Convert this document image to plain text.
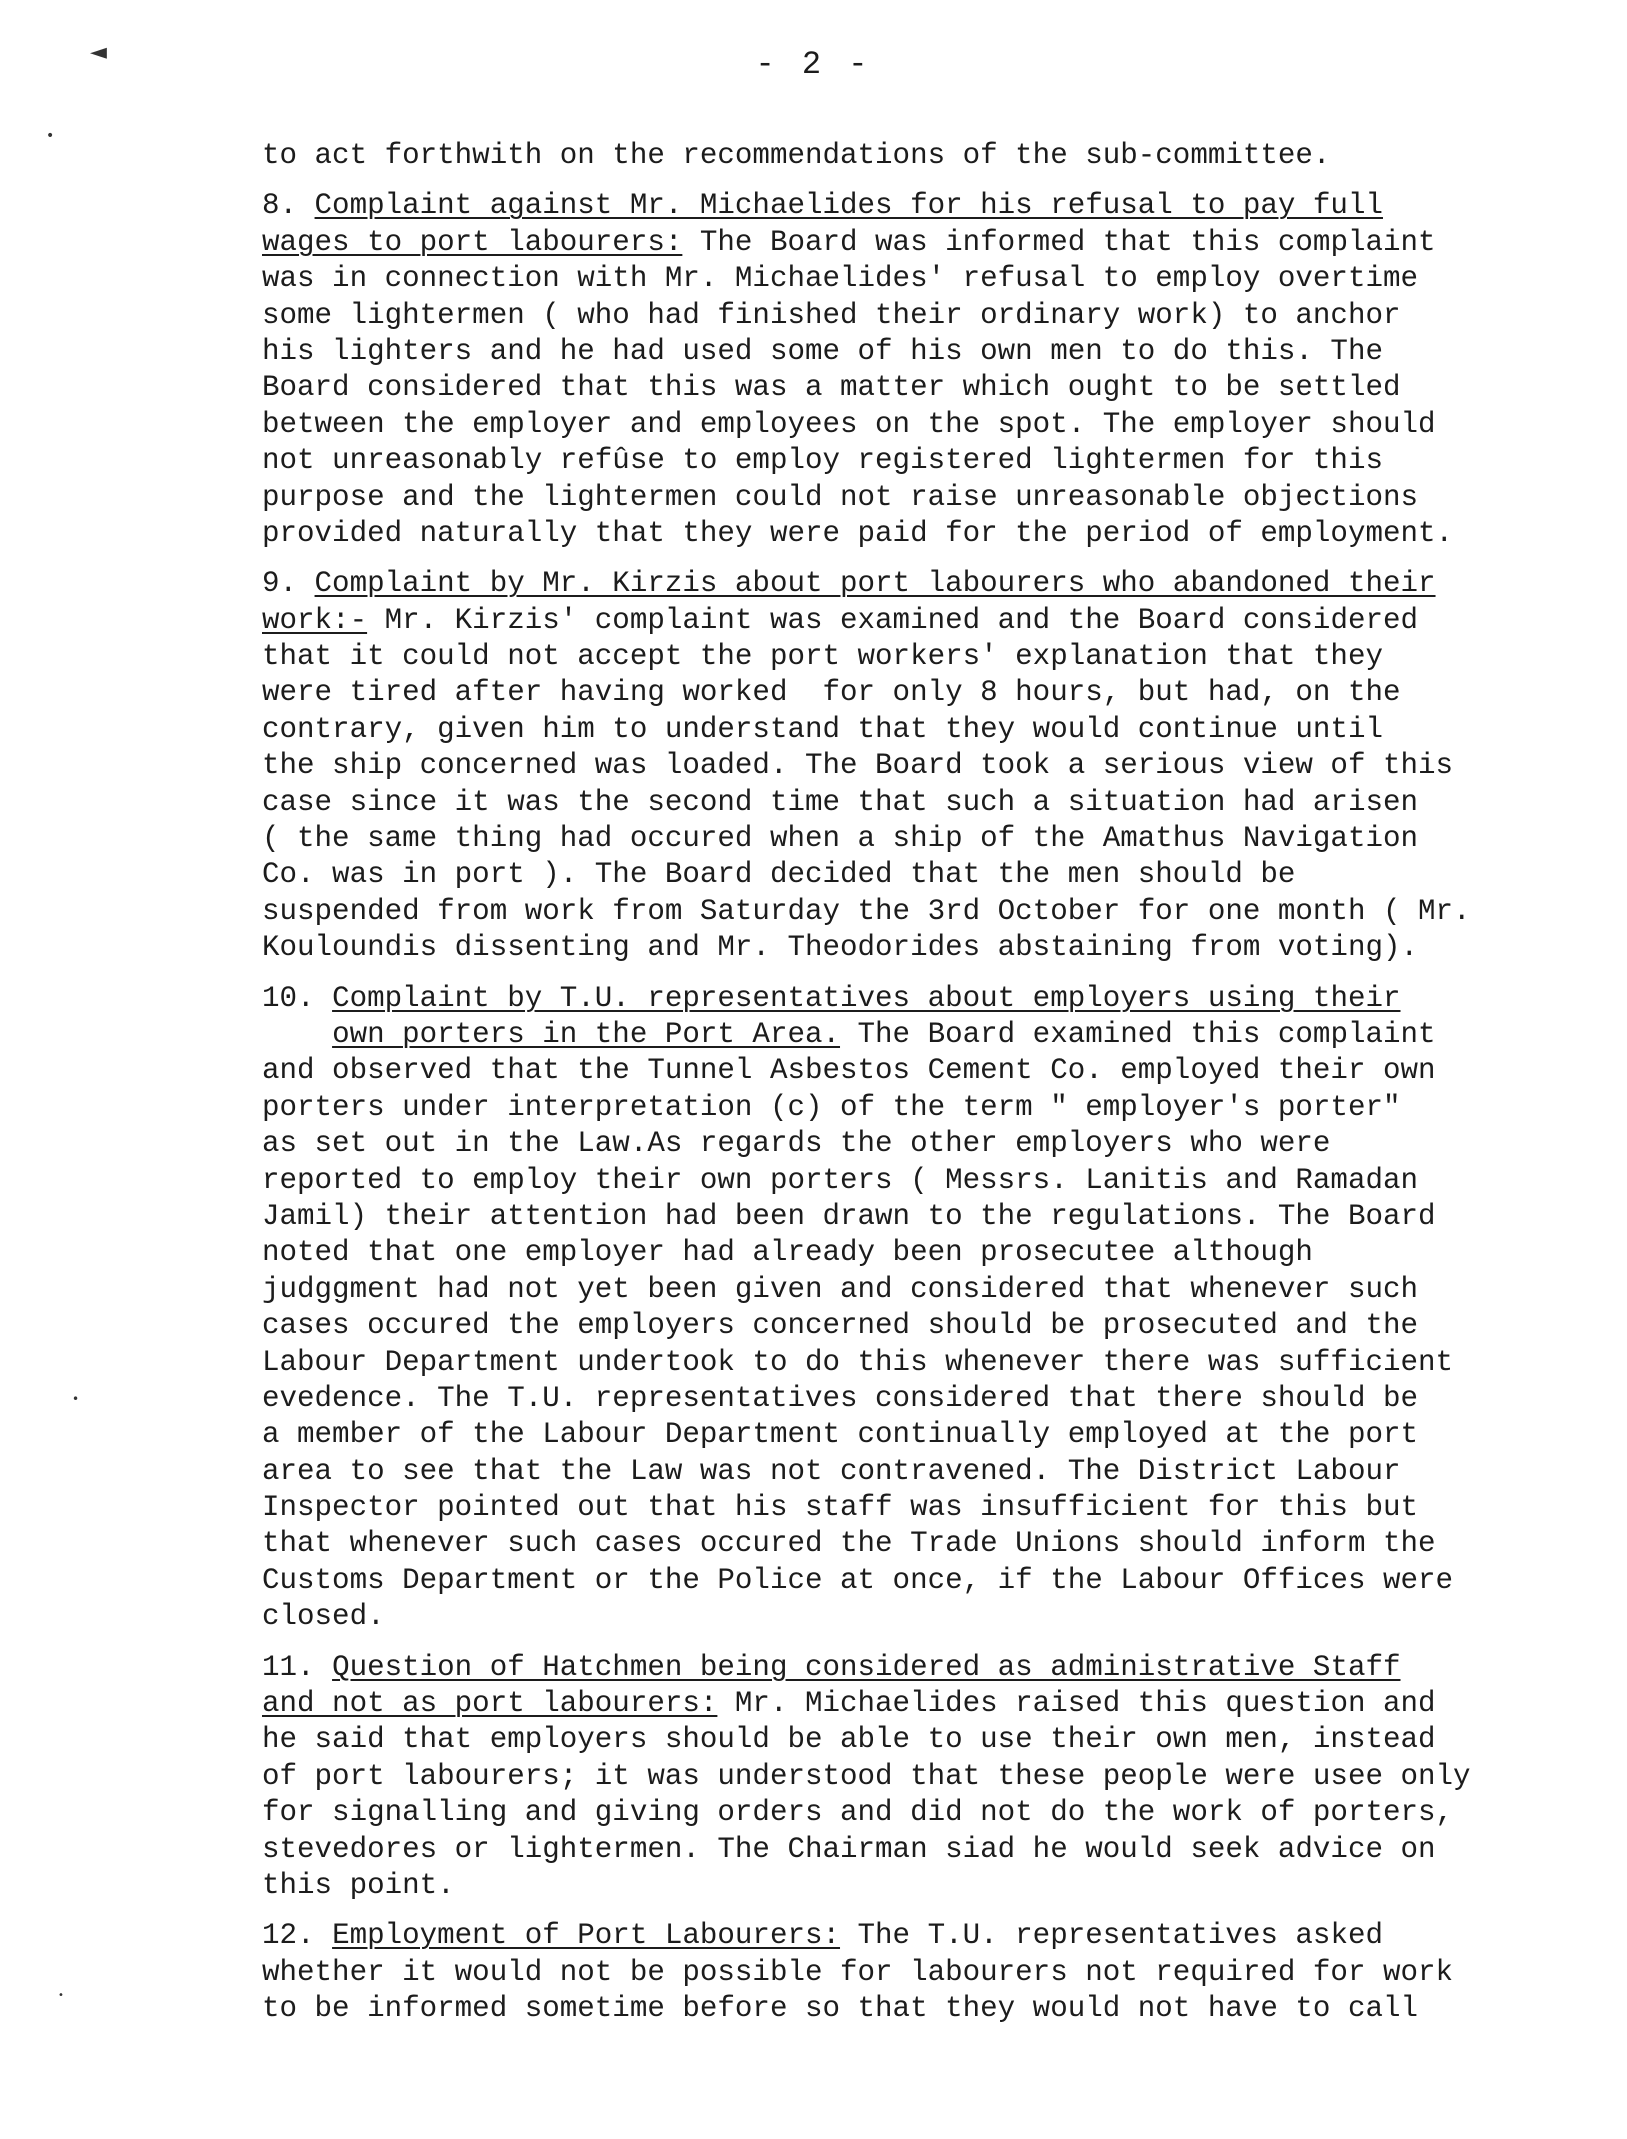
◄
•
•
•
- 2 -
to act forthwith on the recommendations of the sub-committee.
8. Complaint against Mr. Michaelides for his refusal to pay full
wages to port labourers: The Board was informed that this complaint
was in connection with Mr. Michaelides' refusal to employ overtime
some lightermen ( who had finished their ordinary work) to anchor
his lighters and he had used some of his own men to do this. The
Board considered that this was a matter which ought to be settled
between the employer and employees on the spot. The employer should
not unreasonably refûse to employ registered lightermen for this
purpose and the lightermen could not raise unreasonable objections
provided naturally that they were paid for the period of employment.
9. Complaint by Mr. Kirzis about port labourers who abandoned their
work:- Mr. Kirzis' complaint was examined and the Board considered
that it could not accept the port workers' explanation that they
were tired after having worked  for only 8 hours, but had, on the
contrary, given him to understand that they would continue until
the ship concerned was loaded. The Board took a serious view of this
case since it was the second time that such a situation had arisen
( the same thing had occured when a ship of the Amathus Navigation
Co. was in port ). The Board decided that the men should be
suspended from work from Saturday the 3rd October for one month ( Mr.
Kouloundis dissenting and Mr. Theodorides abstaining from voting).
10. Complaint by T.U. representatives about employers using their
own porters in the Port Area. The Board examined this complaint
and observed that the Tunnel Asbestos Cement Co. employed their own
porters under interpretation (c) of the term " employer's porter"
as set out in the Law.As regards the other employers who were
reported to employ their own porters ( Messrs. Lanitis and Ramadan
Jamil) their attention had been drawn to the regulations. The Board
noted that one employer had already been prosecutee although
judggment had not yet been given and considered that whenever such
cases occured the employers concerned should be prosecuted and the
Labour Department undertook to do this whenever there was sufficient
evedence. The T.U. representatives considered that there should be
a member of the Labour Department continually employed at the port
area to see that the Law was not contravened. The District Labour
Inspector pointed out that his staff was insufficient for this but
that whenever such cases occured the Trade Unions should inform the
Customs Department or the Police at once, if the Labour Offices were
closed.
11. Question of Hatchmen being considered as administrative Staff
and not as port labourers: Mr. Michaelides raised this question and
he said that employers should be able to use their own men, instead
of port labourers; it was understood that these people were usee only
for signalling and giving orders and did not do the work of porters,
stevedores or lightermen. The Chairman siad he would seek advice on
this point.
12. Employment of Port Labourers: The T.U. representatives asked
whether it would not be possible for labourers not required for work
to be informed sometime before so that they would not have to call
